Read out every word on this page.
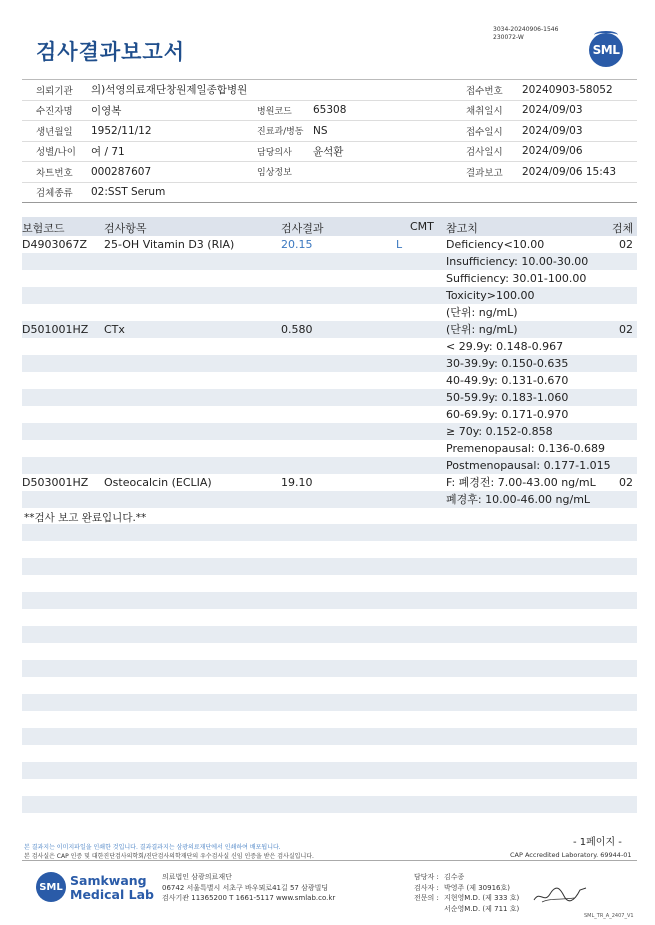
3034-20240906-1546
230072-W
검사결과보고서	SML
의뢰기관 의)석영의료재단창원제일종합병원	접수번호 20240903-58052
수진자명 이영복	병원코드 65308	채취일시 2024/09/03
생년월일 1952/11/12	진료과/병동 NS	접수일시 2024/09/03
성별/나이 여 / 71	담당의사 윤석환	검사일시 2024/09/06
차트번호 000287607	임상정보	결과보고 2024/09/06 15:43
검체종류 02:SST Serum
보험코드	검사항목	검사결과	CMT 참고치	검체
D4903067Z 25-OH Vitamin D3 (RIA)	20.15	L	Deficiency<10.00	02
Insufficiency: 10.00-30.00
Sufficiency: 30.01-100.00
Toxicity>100.00
(단위: ng/mL)
D501001HZ CTx	0.580	(단위: ng/mL)	02
< 29.9y: 0.148-0.967
30-39.9y: 0.150-0.635
40-49.9y: 0.131-0.670
50-59.9y: 0.183-1.060
60-69.9y: 0.171-0.970
≥ 70y: 0.152-0.858
Premenopausal: 0.136-0.689
Postmenopausal: 0.177-1.015
D503001HZ Osteocalcin (ECLIA)	19.10	F: 폐경전: 7.00-43.00 ng/mL 02
폐경후: 10.00-46.00 ng/mL
**검사 보고 완료입니다.**
- 1페이지 -
본 결과지는 이미지파일을 인쇄한 것입니다. 결과결과지는 삼광의료재단에서 인쇄하여 배포됩니다.
본 검사실은 CAP 인증 및 대한진단검사의학회/진단검사의학재단의 우수검사실 신임 인증을 받은 검사실입니다.	CAP Accredited Laboratory. 69944-01
SML Samkwang
Medical Lab
의료법인 삼광의료재단
06742 서울특별시 서초구 바우뫼로41길 57 삼광빌딩
검사기관 11365200 T 1661-5117 www.smlab.co.kr
담당자 : 김수종
검사자 : 박영주 (제 30916호)
전문의 : 지현영M.D. (제 333 호)
서순영M.D. (제 711 호)
SML_TR_A_2407_V1
